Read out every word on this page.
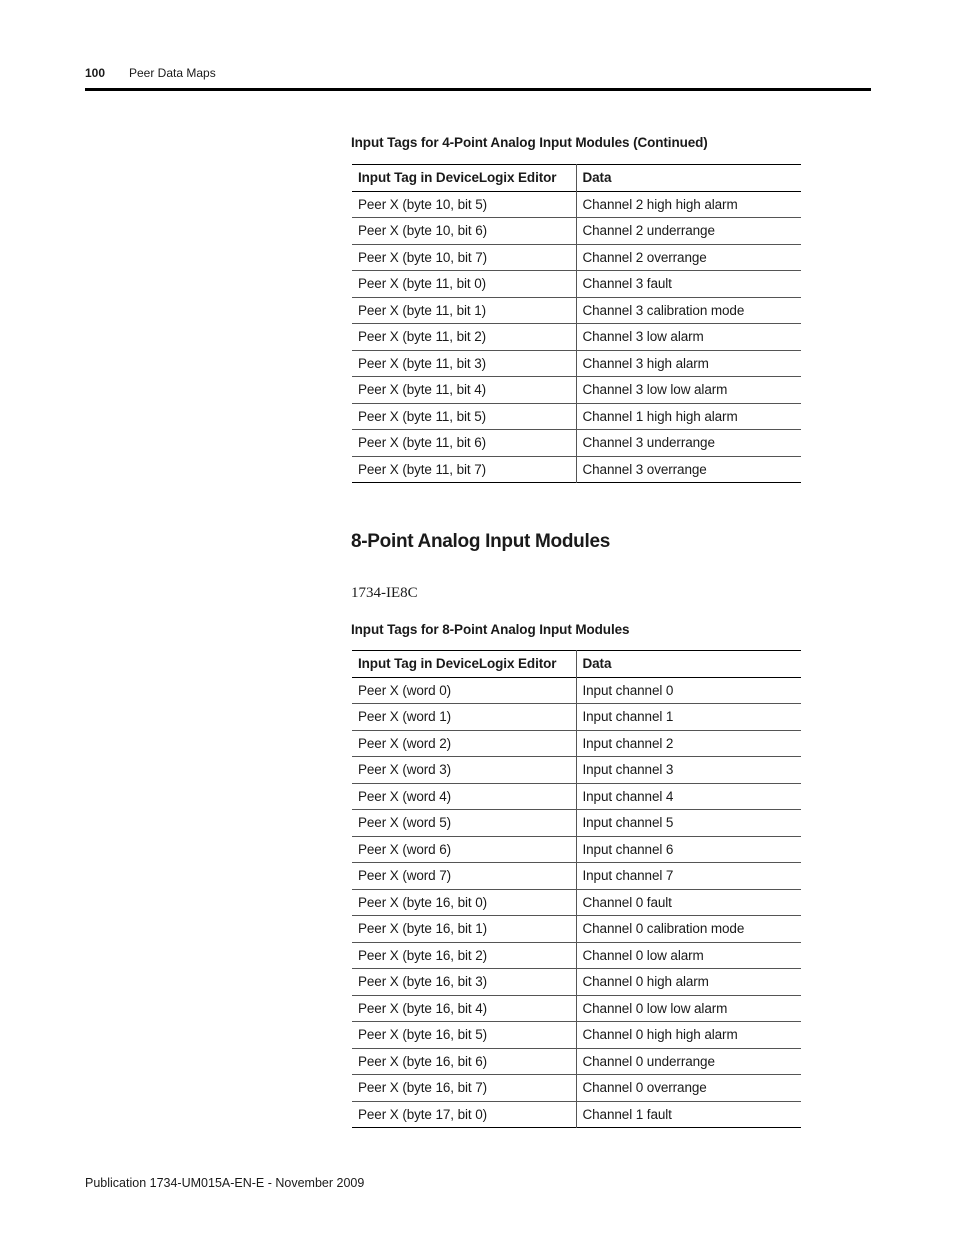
100 Peer Data Maps
Input Tags for 4-Point Analog Input Modules (Continued)
Input Tag in DeviceLogix Editor	Data
Peer X (byte 10, bit 5)	Channel 2 high high alarm
Peer X (byte 10, bit 6)	Channel 2 underrange
Peer X (byte 10, bit 7)	Channel 2 overrange
Peer X (byte 11, bit 0)	Channel 3 fault
Peer X (byte 11, bit 1)	Channel 3 calibration mode
Peer X (byte 11, bit 2)	Channel 3 low alarm
Peer X (byte 11, bit 3)	Channel 3 high alarm
Peer X (byte 11, bit 4)	Channel 3 low low alarm
Peer X (byte 11, bit 5)	Channel 1 high high alarm
Peer X (byte 11, bit 6)	Channel 3 underrange
Peer X (byte 11, bit 7)	Channel 3 overrange
8-Point Analog Input Modules
1734-IE8C
Input Tags for 8-Point Analog Input Modules
Input Tag in DeviceLogix Editor	Data
Peer X (word 0)	Input channel 0
Peer X (word 1)	Input channel 1
Peer X (word 2)	Input channel 2
Peer X (word 3)	Input channel 3
Peer X (word 4)	Input channel 4
Peer X (word 5)	Input channel 5
Peer X (word 6)	Input channel 6
Peer X (word 7)	Input channel 7
Peer X (byte 16, bit 0)	Channel 0 fault
Peer X (byte 16, bit 1)	Channel 0 calibration mode
Peer X (byte 16, bit 2)	Channel 0 low alarm
Peer X (byte 16, bit 3)	Channel 0 high alarm
Peer X (byte 16, bit 4)	Channel 0 low low alarm
Peer X (byte 16, bit 5)	Channel 0 high high alarm
Peer X (byte 16, bit 6)	Channel 0 underrange
Peer X (byte 16, bit 7)	Channel 0 overrange
Peer X (byte 17, bit 0)	Channel 1 fault
Publication 1734-UM015A-EN-E - November 2009
